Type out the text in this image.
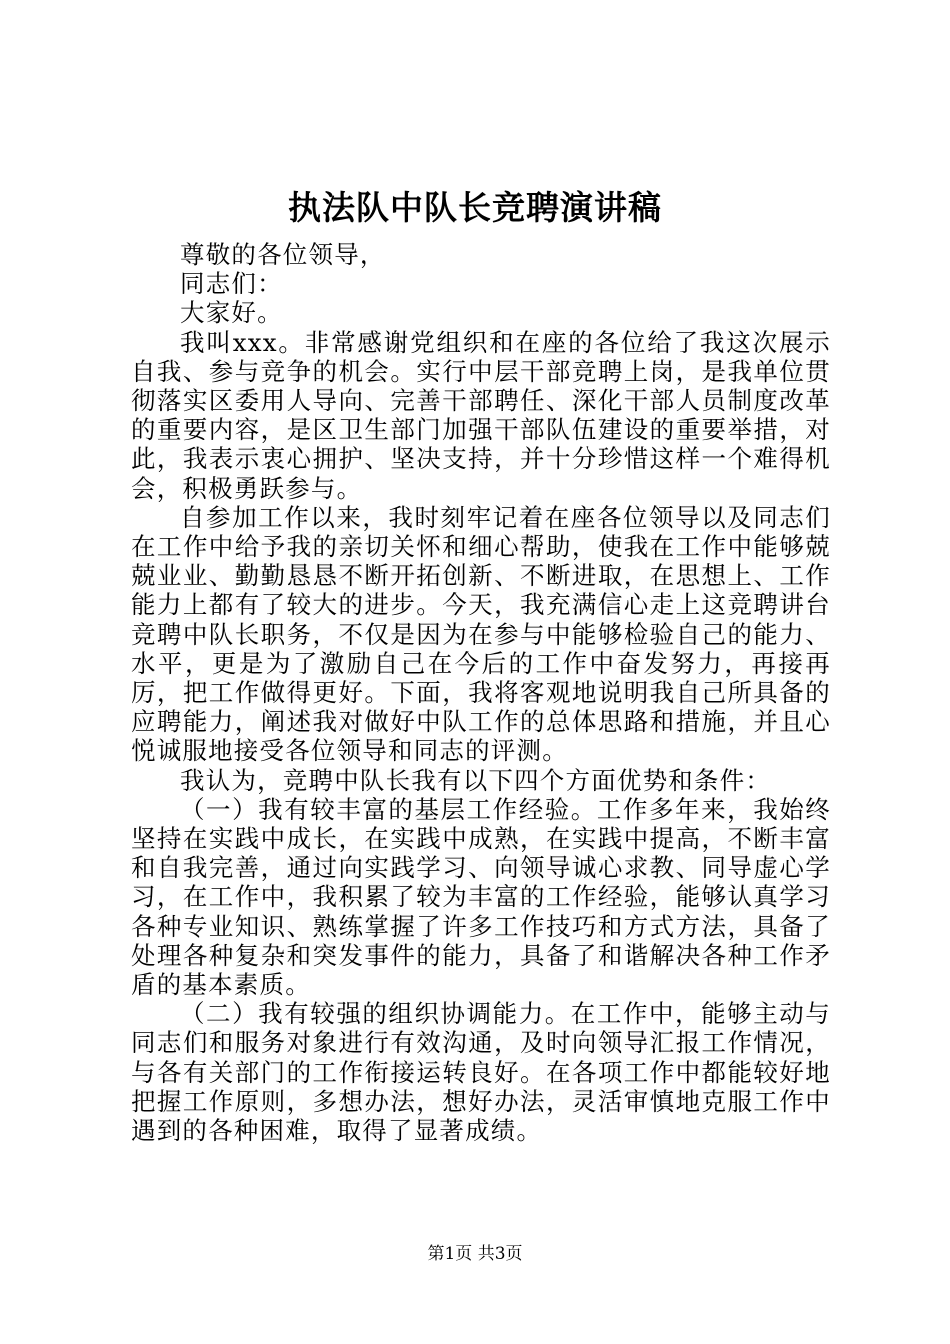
执法队中队长竞聘演讲稿

尊敬的各位领导，

同志们：

大家好。

我叫xxx。非常感谢党组织和在座的各位给了我这次展示自我、参与竞争的机会。实行中层干部竞聘上岗，是我单位贯彻落实区委用人导向、完善干部聘任、深化干部人员制度改革的重要内容，是区卫生部门加强干部队伍建设的重要举措，对此，我表示衷心拥护、坚决支持，并十分珍惜这样一个难得机会，积极勇跃参与。

自参加工作以来，我时刻牢记着在座各位领导以及同志们在工作中给予我的亲切关怀和细心帮助，使我在工作中能够兢兢业业、勤勤恳恳不断开拓创新、不断进取，在思想上、工作能力上都有了较大的进步。今天，我充满信心走上这竞聘讲台竞聘中队长职务，不仅是因为在参与中能够检验自己的能力、水平，更是为了激励自己在今后的工作中奋发努力，再接再厉，把工作做得更好。下面，我将客观地说明我自己所具备的应聘能力，阐述我对做好中队工作的总体思路和措施，并且心悦诚服地接受各位领导和同志的评测。

我认为，竞聘中队长我有以下四个方面优势和条件：

（一）我有较丰富的基层工作经验。工作多年来，我始终坚持在实践中成长，在实践中成熟，在实践中提高，不断丰富和自我完善，通过向实践学习、向领导诚心求教、同导虚心学习，在工作中，我积累了较为丰富的工作经验，能够认真学习各种专业知识、熟练掌握了许多工作技巧和方式方法，具备了处理各种复杂和突发事件的能力，具备了和谐解决各种工作矛盾的基本素质。

（二）我有较强的组织协调能力。在工作中，能够主动与同志们和服务对象进行有效沟通，及时向领导汇报工作情况，与各有关部门的工作衔接运转良好。在各项工作中都能较好地把握工作原则，多想办法，想好办法，灵活审慎地克服工作中遇到的各种困难，取得了显著成绩。

第1页 共3页
